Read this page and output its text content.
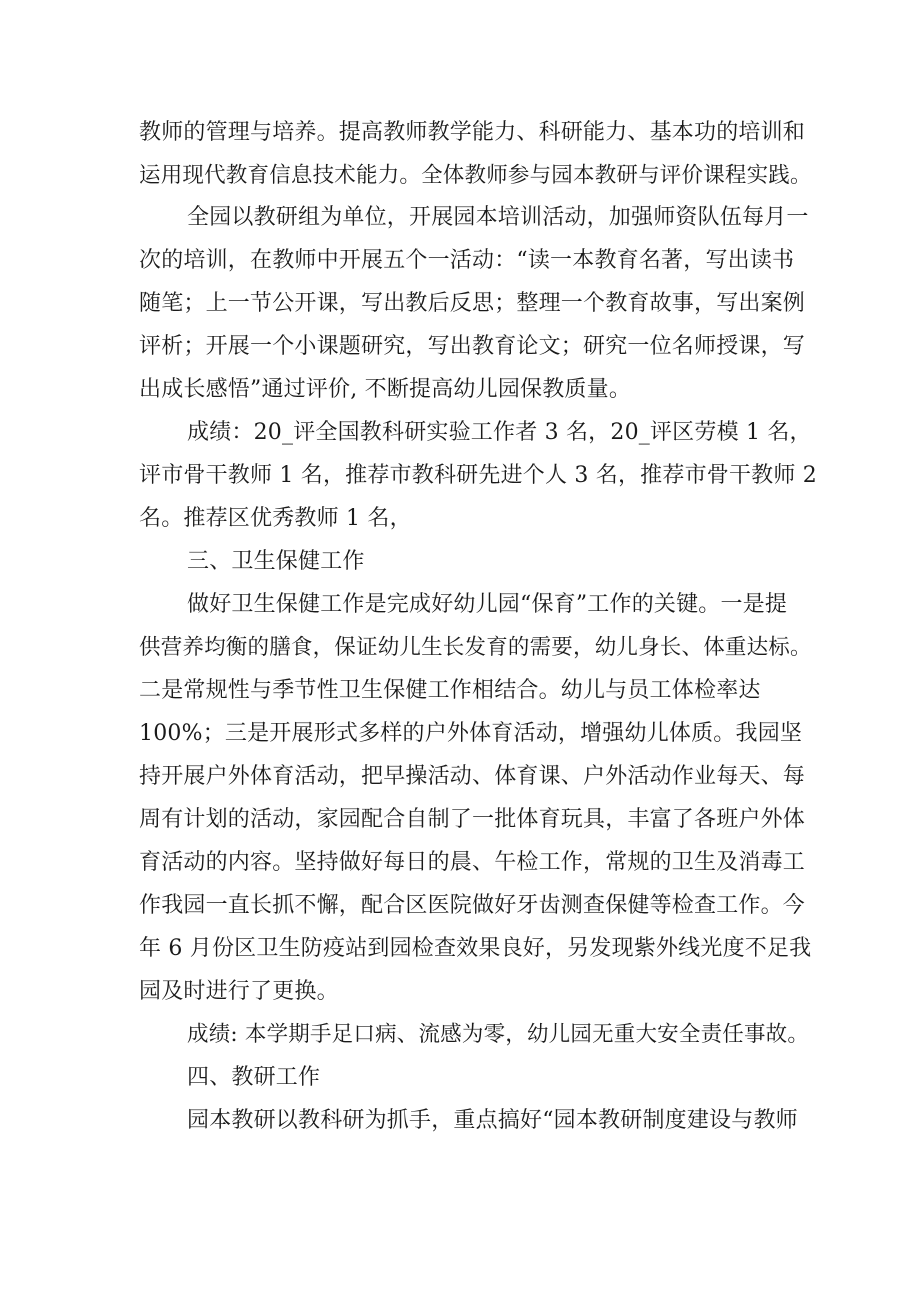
教师的管理与培养。提高教师教学能力、科研能力、基本功的培训和
运用现代教育信息技术能力。全体教师参与园本教研与评价课程实践。
全园以教研组为单位，开展园本培训活动，加强师资队伍每月一
次的培训，在教师中开展五个一活动：“读一本教育名著，写出读书
随笔；上一节公开课，写出教后反思；整理一个教育故事，写出案例
评析；开展一个小课题研究，写出教育论文；研究一位名师授课，写
出成长感悟”通过评价, 不断提高幼儿园保教质量。
成绩：20_评全国教科研实验工作者 3 名，20_评区劳模 1 名，
评市骨干教师 1 名，推荐市教科研先进个人 3 名，推荐市骨干教师 2
名。推荐区优秀教师 1 名，
三、卫生保健工作
做好卫生保健工作是完成好幼儿园“保育”工作的关键。一是提
供营养均衡的膳食，保证幼儿生长发育的需要，幼儿身长、体重达标。
二是常规性与季节性卫生保健工作相结合。幼儿与员工体检率达
100%；三是开展形式多样的户外体育活动，增强幼儿体质。我园坚
持开展户外体育活动，把早操活动、体育课、户外活动作业每天、每
周有计划的活动，家园配合自制了一批体育玩具，丰富了各班户外体
育活动的内容。坚持做好每日的晨、午检工作，常规的卫生及消毒工
作我园一直长抓不懈，配合区医院做好牙齿测查保健等检查工作。今
年 6 月份区卫生防疫站到园检查效果良好，另发现紫外线光度不足我
园及时进行了更换。
成绩: 本学期手足口病、流感为零，幼儿园无重大安全责任事故。
四、教研工作
园本教研以教科研为抓手，重点搞好“园本教研制度建设与教师
